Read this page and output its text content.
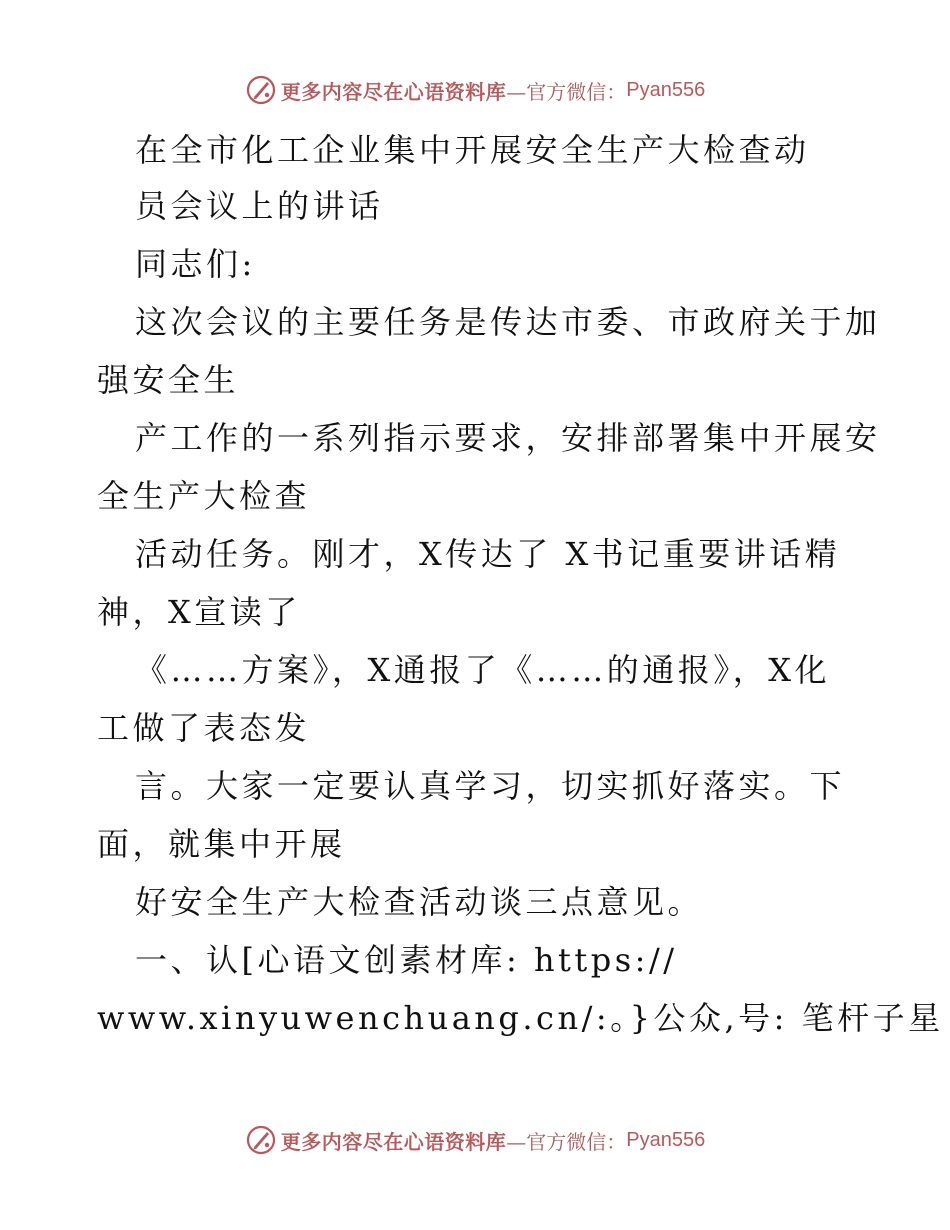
更多内容尽在心语资料库 —官方微信： Pyan556
在全市化工企业集中开展安全生产大检查动
员会议上的讲话
同志们:
这次会议的主要任务是传达市委、市政府关于加
强安全生
产工作的一系列指示要求，安排部署集中开展安
全生产大检查
活动任务。刚才，X传达了 X书记重要讲话精
神，X宣读了
《……方案》，X通报了《……的通报》，X化
工做了表态发
言。大家一定要认真学习，切实抓好落实。下
面，就集中开展
好安全生产大检查活动谈三点意见。
一、认[心语文创素材库: https://
www.xinyuwenchuang.cn/:。}公众,号: 笔杆子星
更多内容尽在心语资料库 —官方微信： Pyan556
